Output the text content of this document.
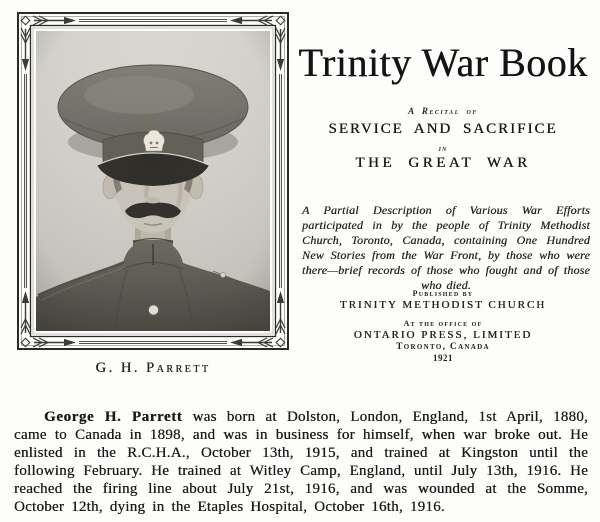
G. H. Parrett
Trinity War Book
A Recital of
SERVICE AND SACRIFICE
in
THE GREAT WAR
A Partial Description of Various War Efforts participated in by the people of Trinity Methodist Church, Toronto, Canada, containing One Hundred New Stories from the War Front, by those who were there—brief records of those who fought and of those who died.
Published by
TRINITY METHODIST CHURCH
At the office of
ONTARIO PRESS, LIMITED
Toronto, Canada
1921

George H. Parrett was born at Dolston, London, England, 1st April, 1880, came to Canada in 1898, and was in business for himself, when war broke out. He enlisted in the R.C.H.A., October 13th, 1915, and trained at Kingston until the following February. He trained at Witley Camp, England, until July 13th, 1916. He reached the firing line about July 21st, 1916, and was wounded at the Somme, October 12th, dying in the Etaples Hospital, October 16th, 1916.
